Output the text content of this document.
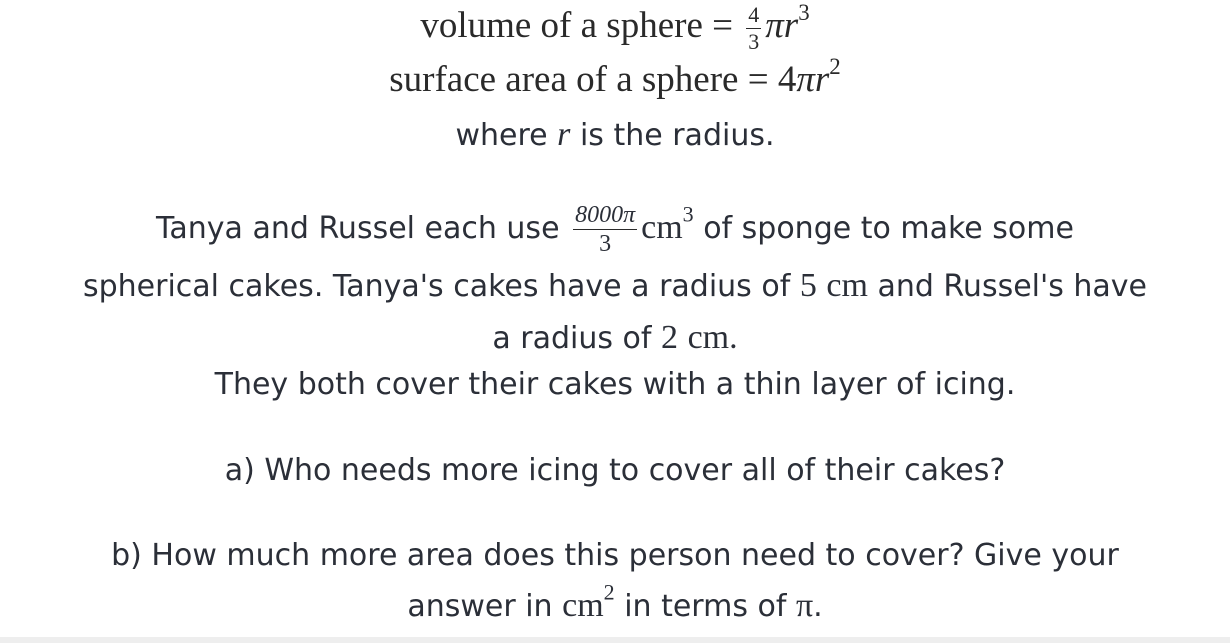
volume of a sphere = $\frac{4}{3} \pi r^3$
surface area of a sphere = $4\pi r^2$
where r is the radius.
Tanya and Russel each use $\frac{8000\pi}{3} cm^3$ of sponge to make some
spherical cakes. Tanya's cakes have a radius of 5 cm and Russel's have
a radius of 2 cm.
They both cover their cakes with a thin layer of icing.
a) Who needs more icing to cover all of their cakes?
b) How much more area does this person need to cover? Give your
answer in $cm^2$ in terms of π.
